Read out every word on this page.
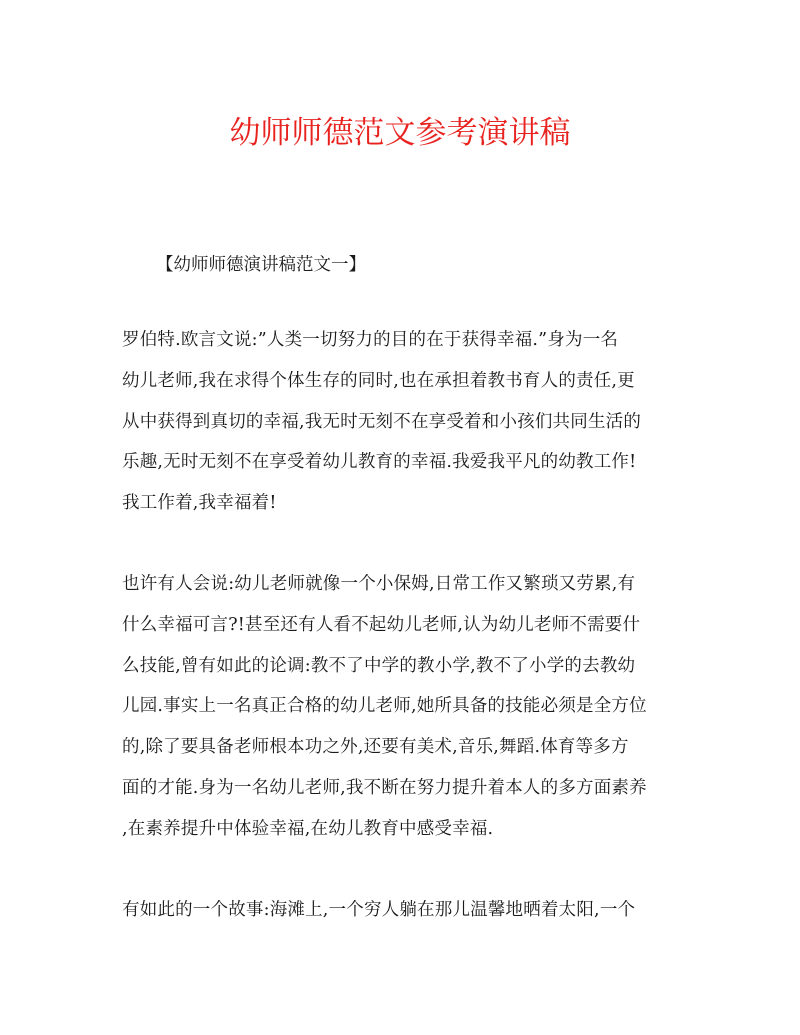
幼师师德范文参考演讲稿
【幼师师德演讲稿范文一】

罗伯特.欧言文说:”人类一切努力的目的在于获得幸福.”身为一名
幼儿老师,我在求得个体生存的同时,也在承担着教书育人的责任,更
从中获得到真切的幸福,我无时无刻不在享受着和小孩们共同生活的
乐趣,无时无刻不在享受着幼儿教育的幸福.我爱我平凡的幼教工作!
我工作着,我幸福着!

也许有人会说:幼儿老师就像一个小保姆,日常工作又繁琐又劳累,有
什么幸福可言?!甚至还有人看不起幼儿老师,认为幼儿老师不需要什
么技能,曾有如此的论调:教不了中学的教小学,教不了小学的去教幼
儿园.事实上一名真正合格的幼儿老师,她所具备的技能必须是全方位
的,除了要具备老师根本功之外,还要有美术,音乐,舞蹈.体育等多方
面的才能.身为一名幼儿老师,我不断在努力提升着本人的多方面素养
,在素养提升中体验幸福,在幼儿教育中感受幸福.

有如此的一个故事:海滩上,一个穷人躺在那儿温馨地晒着太阳,一个
